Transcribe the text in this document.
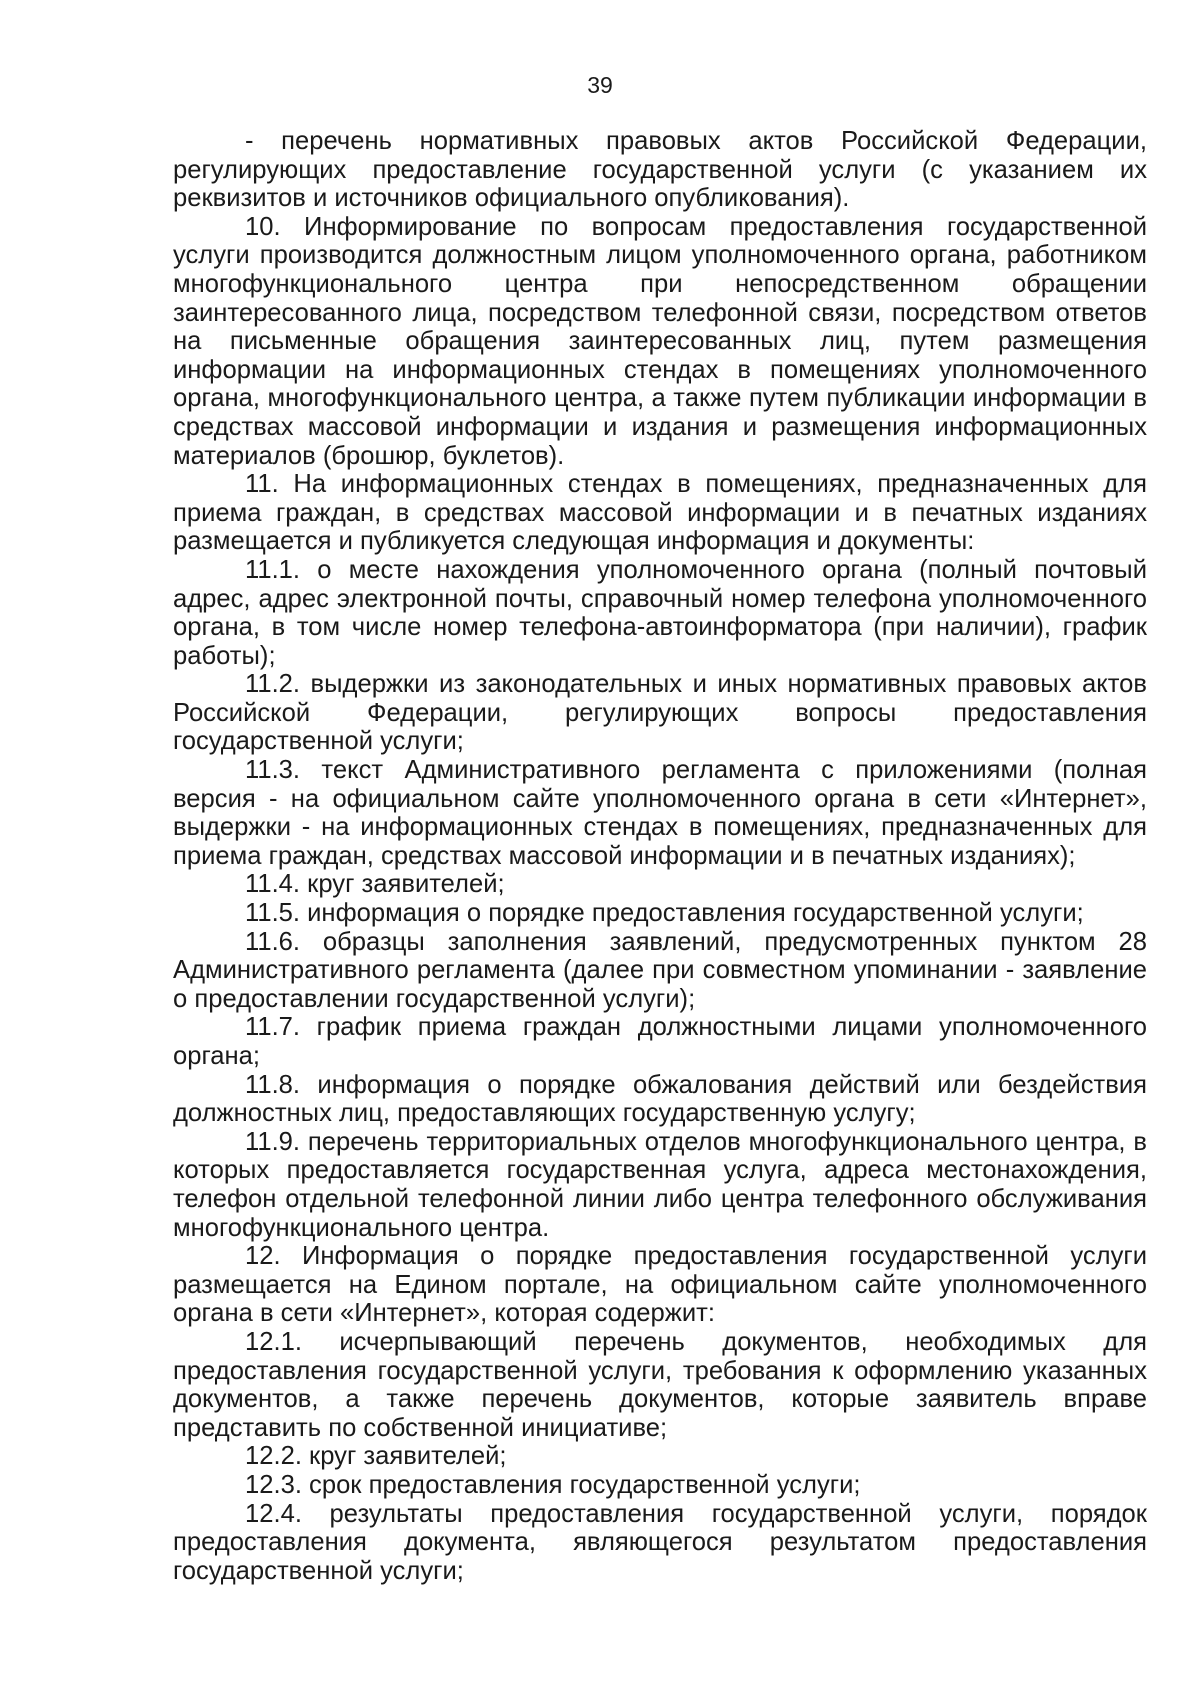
39

- перечень нормативных правовых актов Российской Федерации, регулирующих предоставление государственной услуги (с указанием их реквизитов и источников официального опубликования).

10. Информирование по вопросам предоставления государственной услуги производится должностным лицом уполномоченного органа, работником многофункционального центра при непосредственном обращении заинтересованного лица, посредством телефонной связи, посредством ответов на письменные обращения заинтересованных лиц, путем размещения информации на информационных стендах в помещениях уполномоченного органа, многофункционального центра, а также путем публикации информации в средствах массовой информации и издания и размещения информационных материалов (брошюр, буклетов).

11. На информационных стендах в помещениях, предназначенных для приема граждан, в средствах массовой информации и в печатных изданиях размещается и публикуется следующая информация и документы:

11.1. о месте нахождения уполномоченного органа (полный почтовый адрес, адрес электронной почты, справочный номер телефона уполномоченного органа, в том числе номер телефона-автоинформатора (при наличии), график работы);

11.2. выдержки из законодательных и иных нормативных правовых актов Российской Федерации, регулирующих вопросы предоставления государственной услуги;

11.3. текст Административного регламента с приложениями (полная версия - на официальном сайте уполномоченного органа в сети «Интернет», выдержки - на информационных стендах в помещениях, предназначенных для приема граждан, средствах массовой информации и в печатных изданиях);

11.4. круг заявителей;

11.5. информация о порядке предоставления государственной услуги;

11.6. образцы заполнения заявлений, предусмотренных пунктом 28 Административного регламента (далее при совместном упоминании - заявление о предоставлении государственной услуги);

11.7. график приема граждан должностными лицами уполномоченного органа;

11.8. информация о порядке обжалования действий или бездействия должностных лиц, предоставляющих государственную услугу;

11.9. перечень территориальных отделов многофункционального центра, в которых предоставляется государственная услуга, адреса местонахождения, телефон отдельной телефонной линии либо центра телефонного обслуживания многофункционального центра.

12. Информация о порядке предоставления государственной услуги размещается на Едином портале, на официальном сайте уполномоченного органа в сети «Интернет», которая содержит:

12.1. исчерпывающий перечень документов, необходимых для предоставления государственной услуги, требования к оформлению указанных документов, а также перечень документов, которые заявитель вправе представить по собственной инициативе;

12.2. круг заявителей;

12.3. срок предоставления государственной услуги;

12.4. результаты предоставления государственной услуги, порядок предоставления документа, являющегося результатом предоставления государственной услуги;
